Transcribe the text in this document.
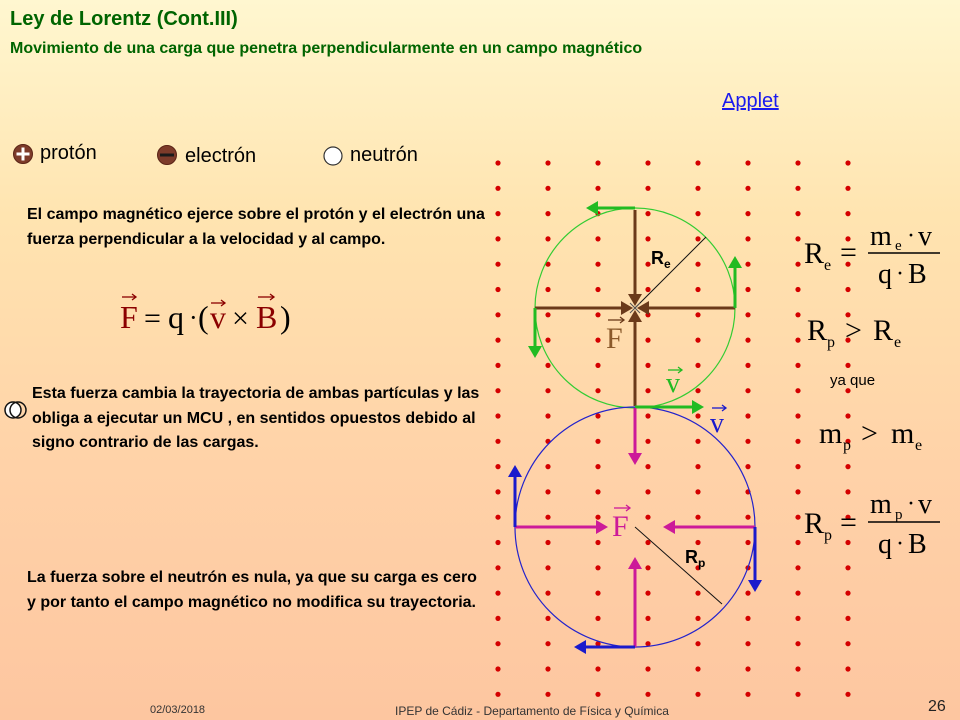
Ley de Lorentz (Cont.III)
Movimiento de una carga que penetra perpendicularmente en un campo magnético
Applet
protón	electrón	neutrón
El campo magnético ejerce sobre el protón y el electrón una fuerza perpendicular a la velocidad y al campo.
Esta fuerza cambia la trayectoria de ambas partículas y las obliga a ejecutar un MCU , en sentidos opuestos debido al signo contrario de las cargas.
La fuerza sobre el neutrón es nula, ya que su carga es cero y por tanto el campo magnético no modifica su trayectoria.
F = q · ( v × B )
$R_e$
$R_p$
F
F
v
v
R e = m e · v
q · B
R p > R e
ya que
m p > m e
R p =
m p · v
q · B
02/03/2018	IPEP de Cádiz - Departamento de Física y Química	26
